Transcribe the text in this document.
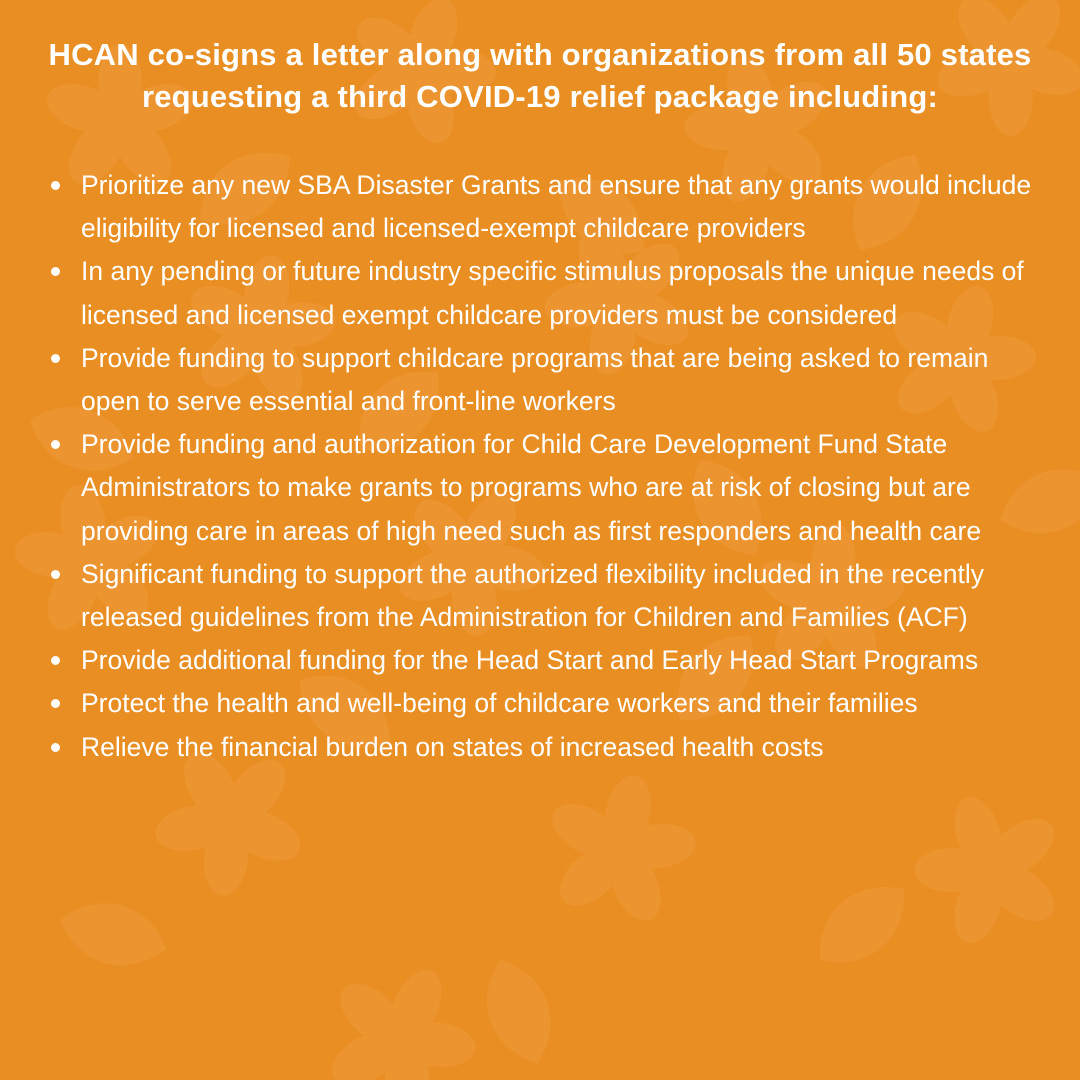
HCAN co-signs a letter along with organizations from all 50 states requesting a third COVID-19 relief package including:
Prioritize any new SBA Disaster Grants and ensure that any grants would include eligibility for licensed and licensed-exempt childcare providers
In any pending or future industry specific stimulus proposals the unique needs of licensed and licensed exempt childcare providers must be considered
Provide funding to support childcare programs that are being asked to remain open to serve essential and front-line workers
Provide funding and authorization for Child Care Development Fund State Administrators to make grants to programs who are at risk of closing but are providing care in areas of high need such as first responders and health care
Significant funding to support the authorized flexibility included in the recently released guidelines from the Administration for Children and Families (ACF)
Provide additional funding for the Head Start and Early Head Start Programs
Protect the health and well-being of childcare workers and their families
Relieve the financial burden on states of increased health costs
